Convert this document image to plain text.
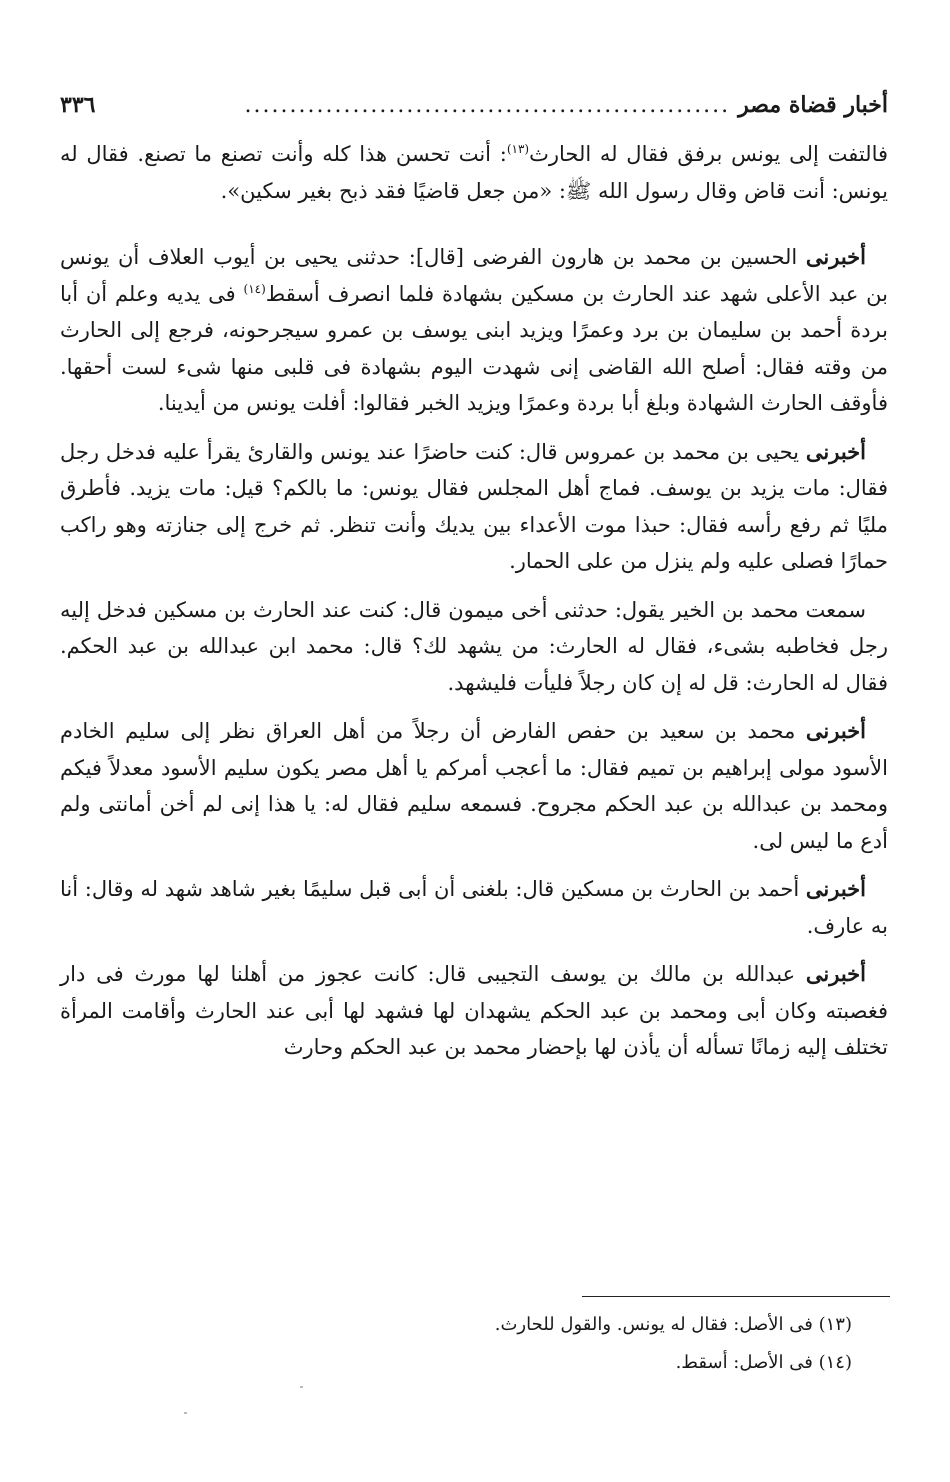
أخبار قضاة مصر
......................................................
٣٣٦

فالتفت إلى يونس برفق فقال له الحارث$^{(١٣)}$: أنت تحسن هذا كله وأنت تصنع ما تصنع. فقال له يونس: أنت قاض وقال رسول الله ﷺ: «من جعل قاضيًا فقد ذبح بغير سكين».

أخبرنى الحسين بن محمد بن هارون الفرضى [قال]: حدثنى يحيى بن أيوب العلاف أن يونس بن عبد الأعلى شهد عند الحارث بن مسكين بشهادة فلما انصرف أسقط$^{(١٤)}$ فى يديه وعلم أن أبا بردة أحمد بن سليمان بن برد وعمرًا ويزيد ابنى يوسف بن عمرو سيجرحونه، فرجع إلى الحارث من وقته فقال: أصلح الله القاضى إنى شهدت اليوم بشهادة فى قلبى منها شىء لست أحقها. فأوقف الحارث الشهادة وبلغ أبا بردة وعمرًا ويزيد الخبر فقالوا: أفلت يونس من أيدينا.

أخبرنى يحيى بن محمد بن عمروس قال: كنت حاضرًا عند يونس والقارئ يقرأ عليه فدخل رجل فقال: مات يزيد بن يوسف. فماج أهل المجلس فقال يونس: ما بالكم؟ قيل: مات يزيد. فأطرق مليًا ثم رفع رأسه فقال: حبذا موت الأعداء بين يديك وأنت تنظر. ثم خرج إلى جنازته وهو راكب حمارًا فصلى عليه ولم ينزل من على الحمار.

سمعت محمد بن الخير يقول: حدثنى أخى ميمون قال: كنت عند الحارث بن مسكين فدخل إليه رجل فخاطبه بشىء، فقال له الحارث: من يشهد لك؟ قال: محمد ابن عبدالله بن عبد الحكم. فقال له الحارث: قل له إن كان رجلاً فليأت فليشهد.

أخبرنى محمد بن سعيد بن حفص الفارض أن رجلاً من أهل العراق نظر إلى سليم الخادم الأسود مولى إبراهيم بن تميم فقال: ما أعجب أمركم يا أهل مصر يكون سليم الأسود معدلاً فيكم ومحمد بن عبدالله بن عبد الحكم مجروح. فسمعه سليم فقال له: يا هذا إنى لم أخن أمانتى ولم أدع ما ليس لى.

أخبرنى أحمد بن الحارث بن مسكين قال: بلغنى أن أبى قبل سليمًا بغير شاهد شهد له وقال: أنا به عارف.

أخبرنى عبدالله بن مالك بن يوسف التجيبى قال: كانت عجوز من أهلنا لها مورث فى دار فغصبته وكان أبى ومحمد بن عبد الحكم يشهدان لها فشهد لها أبى عند الحارث وأقامت المرأة تختلف إليه زمانًا تسأله أن يأذن لها بإحضار محمد بن عبد الحكم وحارث

(١٣) فى الأصل: فقال له يونس. والقول للحارث.

(١٤) فى الأصل: أسقط.
